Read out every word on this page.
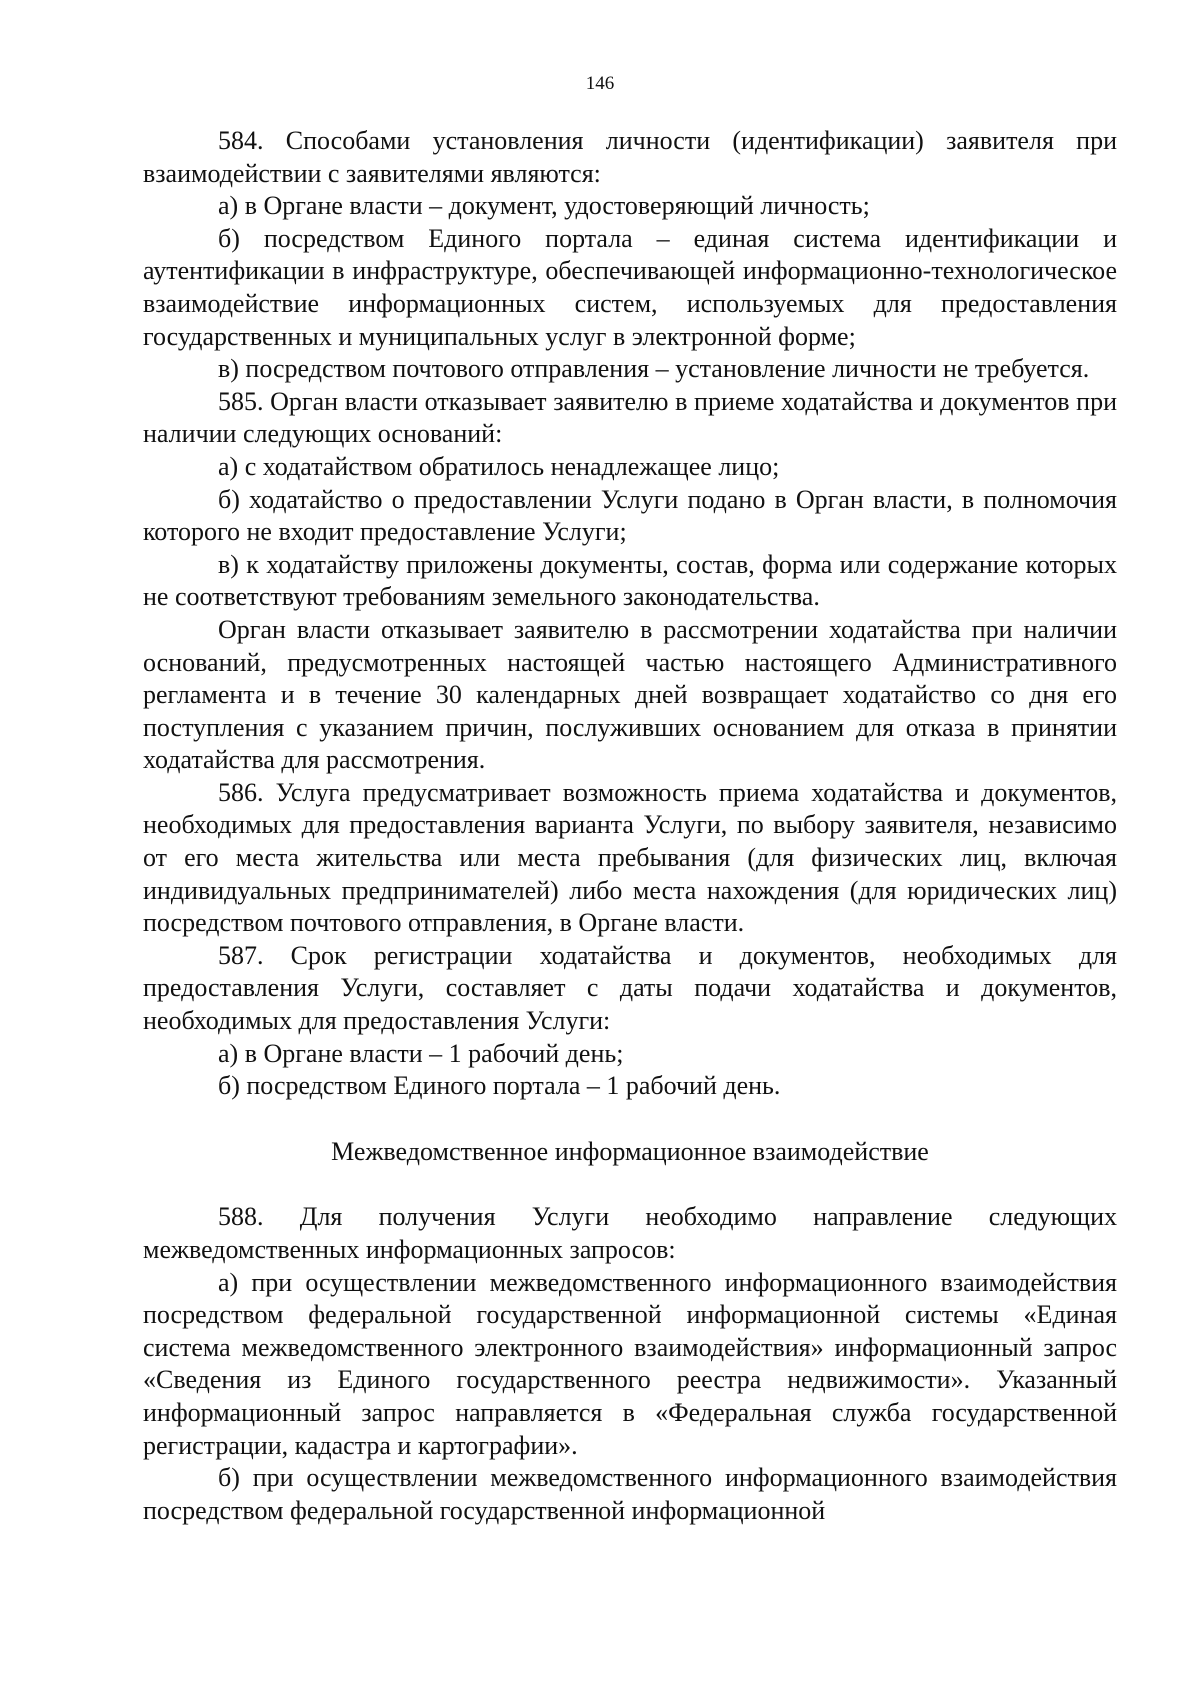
146

584. Способами установления личности (идентификации) заявителя при взаимодействии с заявителями являются:

а) в Органе власти – документ, удостоверяющий личность;

б) посредством Единого портала – единая система идентификации и аутентификации в инфраструктуре, обеспечивающей информационно-технологическое взаимодействие информационных систем, используемых для предоставления государственных и муниципальных услуг в электронной форме;

в) посредством почтового отправления – установление личности не требуется.

585. Орган власти отказывает заявителю в приеме ходатайства и документов при наличии следующих оснований:

а) с ходатайством обратилось ненадлежащее лицо;

б) ходатайство о предоставлении Услуги подано в Орган власти, в полномочия которого не входит предоставление Услуги;

в) к ходатайству приложены документы, состав, форма или содержание которых не соответствуют требованиям земельного законодательства.

Орган власти отказывает заявителю в рассмотрении ходатайства при наличии оснований, предусмотренных настоящей частью настоящего Административного регламента и в течение 30 календарных дней возвращает ходатайство со дня его поступления с указанием причин, послуживших основанием для отказа в принятии ходатайства для рассмотрения.

586. Услуга предусматривает возможность приема ходатайства и документов, необходимых для предоставления варианта Услуги, по выбору заявителя, независимо от его места жительства или места пребывания (для физических лиц, включая индивидуальных предпринимателей) либо места нахождения (для юридических лиц) посредством почтового отправления, в Органе власти.

587. Срок регистрации ходатайства и документов, необходимых для предоставления Услуги, составляет с даты подачи ходатайства и документов, необходимых для предоставления Услуги:

а) в Органе власти – 1 рабочий день;

б) посредством Единого портала – 1 рабочий день.

Межведомственное информационное взаимодействие

588. Для получения Услуги необходимо направление следующих межведомственных информационных запросов:

а) при осуществлении межведомственного информационного взаимодействия посредством федеральной государственной информационной системы «Единая система межведомственного электронного взаимодействия» информационный запрос «Сведения из Единого государственного реестра недвижимости». Указанный информационный запрос направляется в «Федеральная служба государственной регистрации, кадастра и картографии».

б) при осуществлении межведомственного информационного взаимодействия посредством федеральной государственной информационной
